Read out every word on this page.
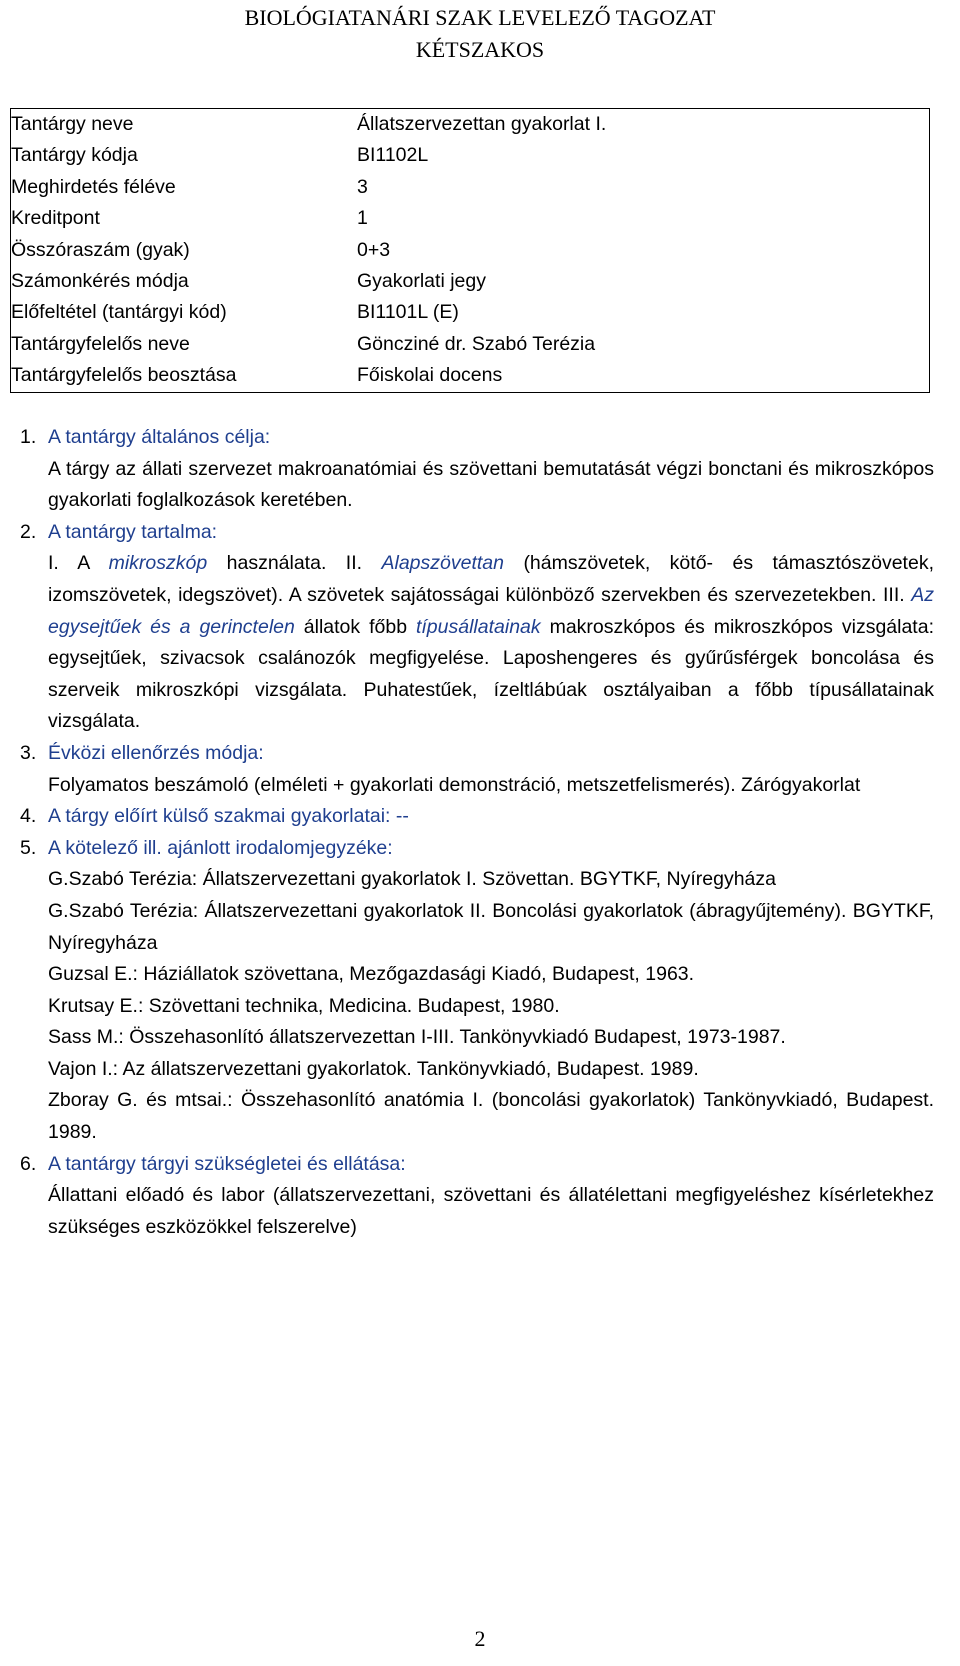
BIOLÓGIATANÁRI SZAK LEVELEZŐ TAGOZAT
KÉTSZAKOS
Tantárgy neve	Állatszervezettan gyakorlat I.
Tantárgy kódja	BI1102L
Meghirdetés féléve	3
Kreditpont	1
Összóraszám (gyak)	0+3
Számonkérés módja	Gyakorlati jegy
Előfeltétel (tantárgyi kód)	BI1101L (E)
Tantárgyfelelős neve	Göncziné dr. Szabó Terézia
Tantárgyfelelős beosztása	Főiskolai docens
1. A tantárgy általános célja:
A tárgy az állati szervezet makroanatómiai és szövettani bemutatását végzi bonctani és mikroszkópos gyakorlati foglalkozások keretében.
2. A tantárgy tartalma:
I. A mikroszkóp használata. II. Alapszövettan (hámszövetek, kötő- és támasztószövetek, izomszövetek, idegszövet). A szövetek sajátosságai különböző szervekben és szervezetekben. III. Az egysejtűek és a gerinctelen állatok főbb típusállatainak makroszkópos és mikroszkópos vizsgálata: egysejtűek, szivacsok csalánozók megfigyelése. Laposhengeres és gyűrűsférgek boncolása és szerveik mikroszkópi vizsgálata. Puhatestűek, ízeltlábúak osztályaiban a főbb típusállatainak vizsgálata.
3. Évközi ellenőrzés módja:
Folyamatos beszámoló (elméleti + gyakorlati demonstráció, metszetfelismerés). Zárógyakorlat
4. A tárgy előírt külső szakmai gyakorlatai: --
5. A kötelező ill. ajánlott irodalomjegyzéke:
G.Szabó Terézia: Állatszervezettani gyakorlatok I. Szövettan. BGYTKF, Nyíregyháza
G.Szabó Terézia: Állatszervezettani gyakorlatok II. Boncolási gyakorlatok (ábragyűjtemény). BGYTKF, Nyíregyháza
Guzsal E.: Háziállatok szövettana, Mezőgazdasági Kiadó, Budapest, 1963.
Krutsay E.: Szövettani technika, Medicina. Budapest, 1980.
Sass M.: Összehasonlító állatszervezettan I-III. Tankönyvkiadó Budapest, 1973-1987.
Vajon I.: Az állatszervezettani gyakorlatok. Tankönyvkiadó, Budapest. 1989.
Zboray G. és mtsai.: Összehasonlító anatómia I. (boncolási gyakorlatok) Tankönyvkiadó, Budapest. 1989.
6. A tantárgy tárgyi szükségletei és ellátása:
Állattani előadó és labor (állatszervezettani, szövettani és állatélettani megfigyeléshez kísérletekhez szükséges eszközökkel felszerelve)
2
